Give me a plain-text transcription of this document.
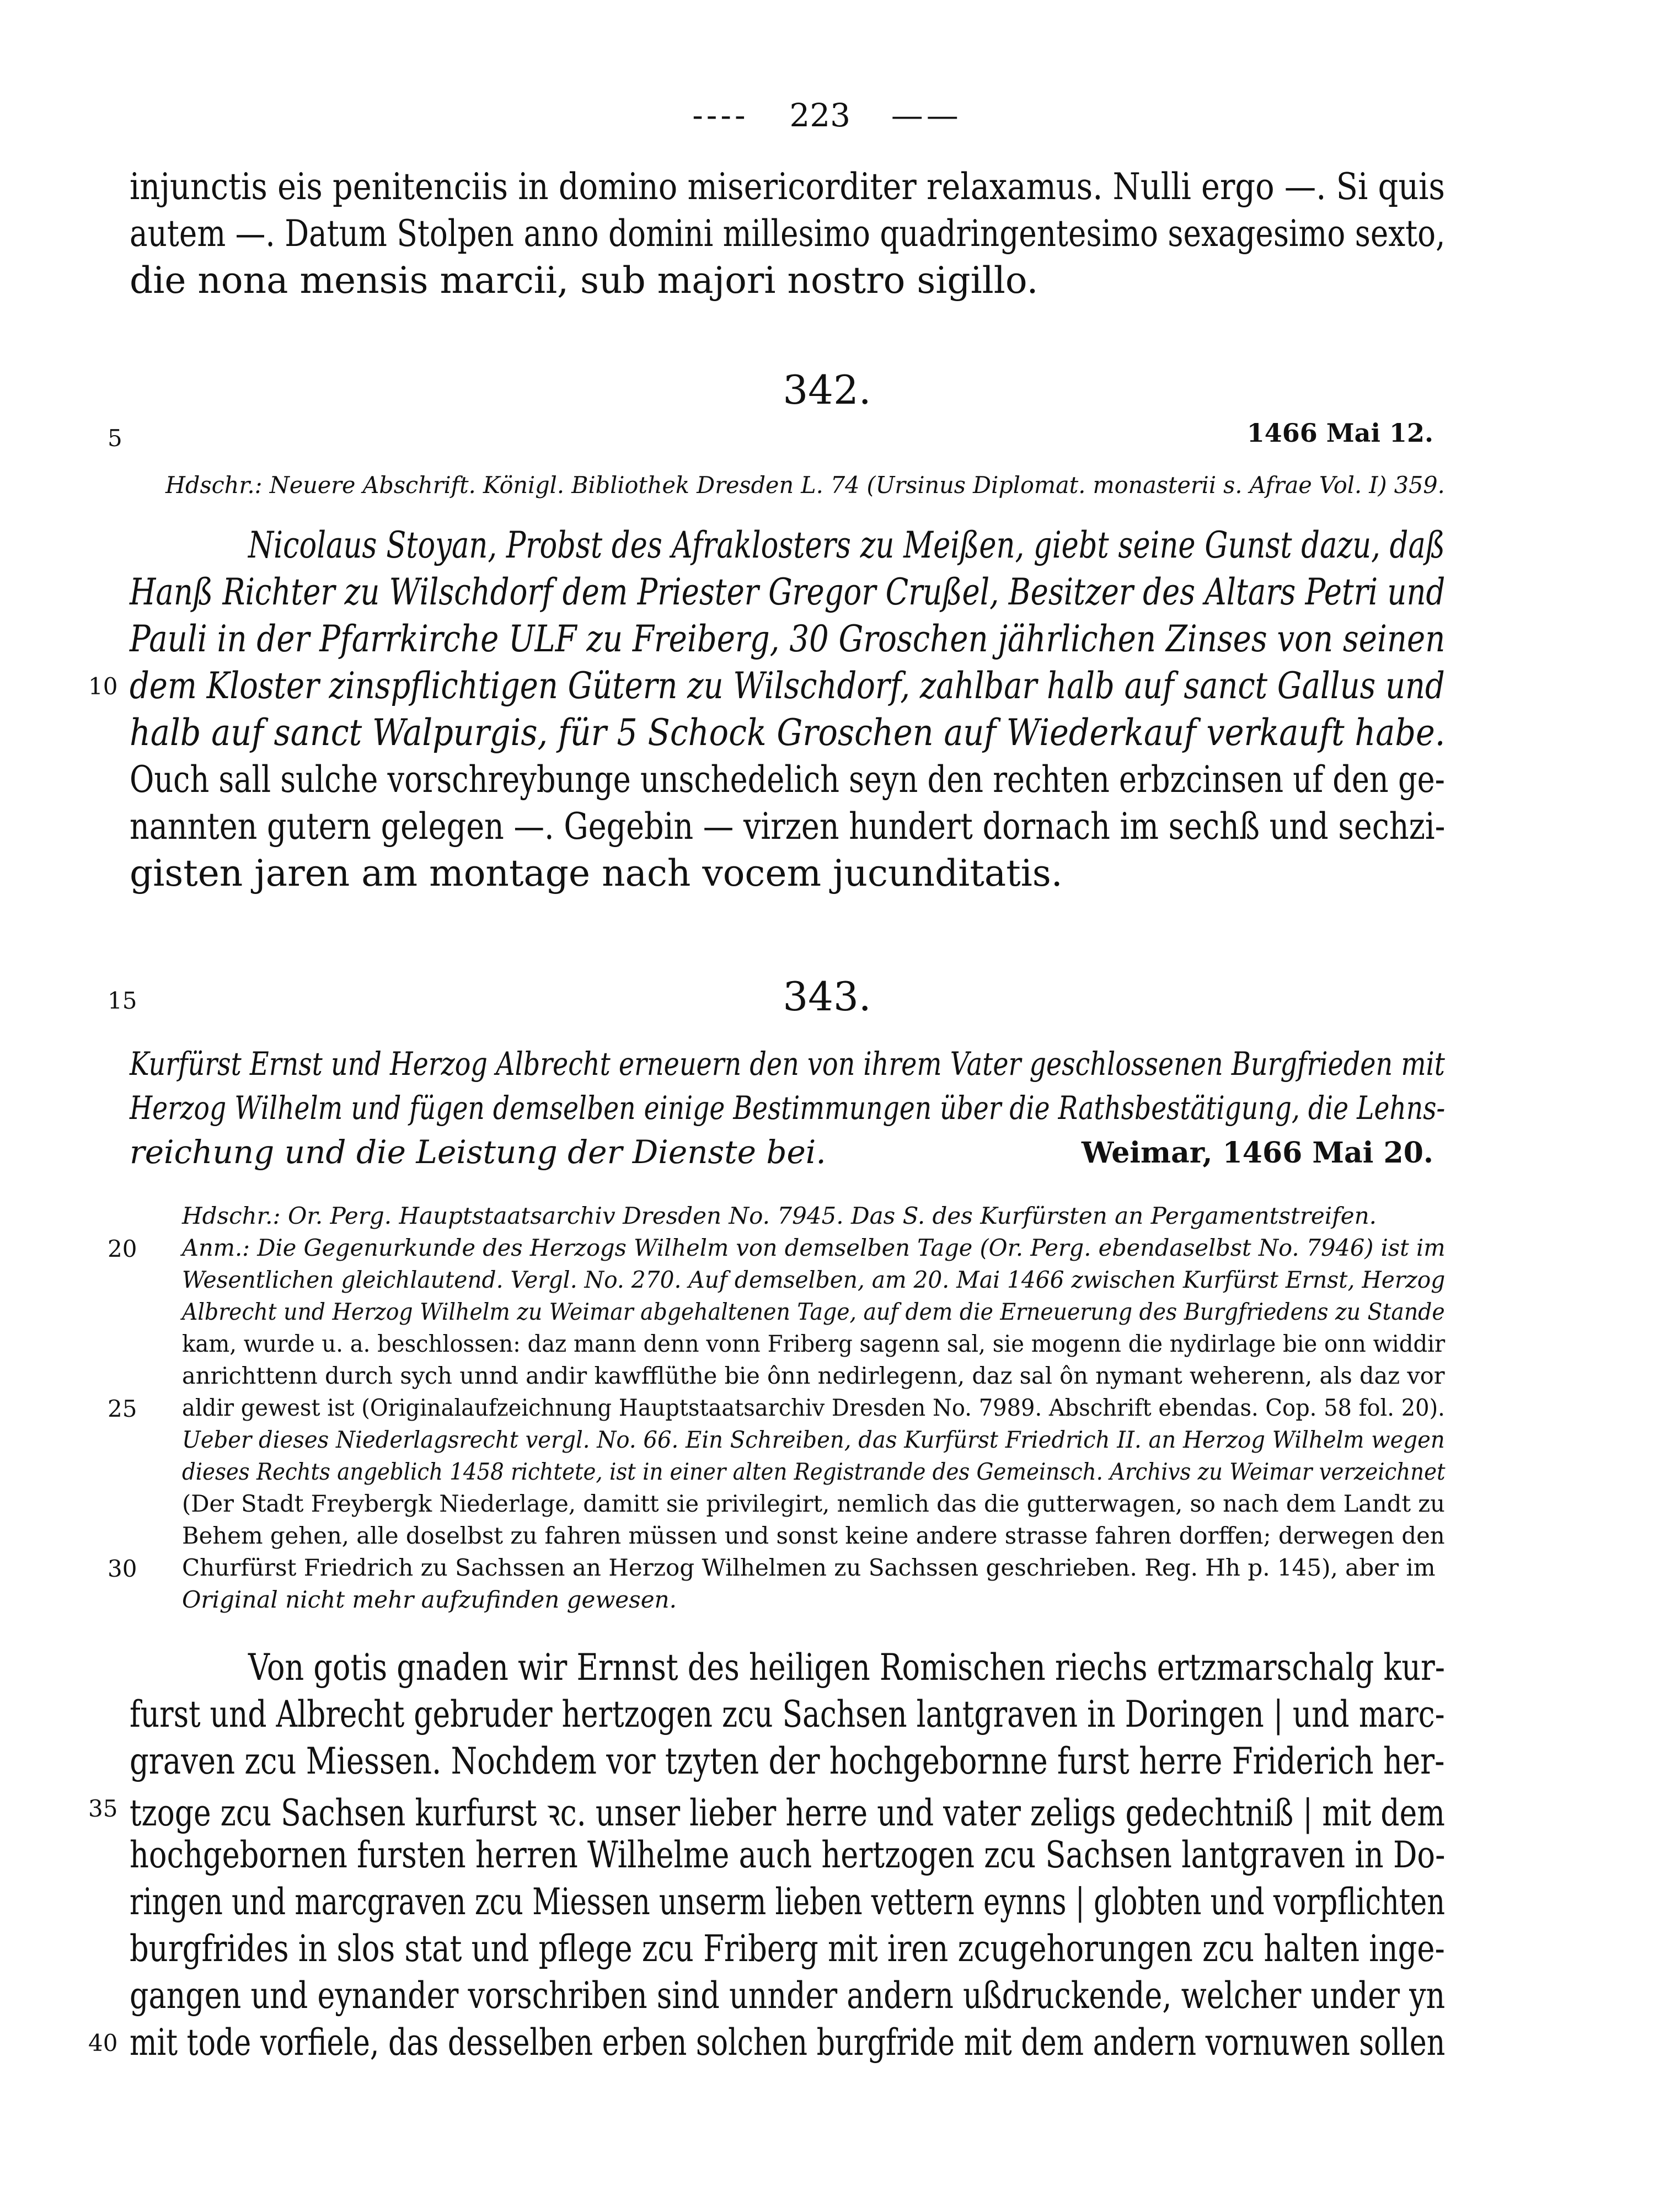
---- 223 ——
injunctis eis penitenciis in domino misericorditer relaxamus. Nulli ergo —. Si quis
autem —. Datum Stolpen anno domini millesimo quadringentesimo sexagesimo sexto,
die nona mensis marcii, sub majori nostro sigillo.
342.
5	1466 Mai 12.
Hdschr.: Neuere Abschrift. Königl. Bibliothek Dresden L. 74 (Ursinus Diplomat. monasterii s. Afrae Vol. I) 359.
Nicolaus Stoyan, Probst des Afraklosters zu Meißen, giebt seine Gunst dazu, daß
Hanß Richter zu Wilschdorf dem Priester Gregor Crußel, Besitzer des Altars Petri und
Pauli in der Pfarrkirche ULF zu Freiberg, 30 Groschen jährlichen Zinses von seinen
10 dem Kloster zinspflichtigen Gütern zu Wilschdorf, zahlbar halb auf sanct Gallus und
halb auf sanct Walpurgis, für 5 Schock Groschen auf Wiederkauf verkauft habe.
Ouch sall sulche vorschreybunge unschedelich seyn den rechten erbzcinsen uf den ge-
nannten gutern gelegen —. Gegebin — virzen hundert dornach im sechß und sechzi-
gisten jaren am montage nach vocem jucunditatis.
15	343.
Kurfürst Ernst und Herzog Albrecht erneuern den von ihrem Vater geschlossenen Burgfrieden mit
Herzog Wilhelm und fügen demselben einige Bestimmungen über die Rathsbestätigung, die Lehns-
reichung und die Leistung der Dienste bei.	Weimar, 1466 Mai 20.
Hdschr.: Or. Perg. Hauptstaatsarchiv Dresden No. 7945. Das S. des Kurfürsten an Pergamentstreifen.
20 Anm.: Die Gegenurkunde des Herzogs Wilhelm von demselben Tage (Or. Perg. ebendaselbst No. 7946) ist im
Wesentlichen gleichlautend. Vergl. No. 270. Auf demselben, am 20. Mai 1466 zwischen Kurfürst Ernst, Herzog
Albrecht und Herzog Wilhelm zu Weimar abgehaltenen Tage, auf dem die Erneuerung des Burgfriedens zu Stande
kam, wurde u. a. beschlossen: daz mann denn vonn Friberg sagenn sal, sie mogenn die nydirlage bie onn widdir
anrichttenn durch sych unnd andir kawfflüthe bie ônn nedirlegenn, daz sal ôn nymant weherenn, als daz vor
25 aldir gewest ist (Originalaufzeichnung Hauptstaatsarchiv Dresden No. 7989. Abschrift ebendas. Cop. 58 fol. 20).
Ueber dieses Niederlagsrecht vergl. No. 66. Ein Schreiben, das Kurfürst Friedrich II. an Herzog Wilhelm wegen
dieses Rechts angeblich 1458 richtete, ist in einer alten Registrande des Gemeinsch. Archivs zu Weimar verzeichnet
(Der Stadt Freybergk Niederlage, damitt sie privilegirt, nemlich das die gutterwagen, so nach dem Landt zu
Behem gehen, alle doselbst zu fahren müssen und sonst keine andere strasse fahren dorffen; derwegen den
30 Churfürst Friedrich zu Sachssen an Herzog Wilhelmen zu Sachssen geschrieben. Reg. Hh p. 145), aber im
Original nicht mehr aufzufinden gewesen.
Von gotis gnaden wir Ernnst des heiligen Romischen riechs ertzmarschalg kur-
furst und Albrecht gebruder hertzogen zcu Sachsen lantgraven in Doringen | und marc-
graven zcu Miessen. Nochdem vor tzyten der hochgebornne furst herre Friderich her-
35 tzoge zcu Sachsen kurfurst ꝛc. unser lieber herre und vater zeligs gedechtniß | mit dem
hochgebornen fursten herren Wilhelme auch hertzogen zcu Sachsen lantgraven in Do-
ringen und marcgraven zcu Miessen unserm lieben vettern eynns | globten und vorpflichten
burgfrides in slos stat und pflege zcu Friberg mit iren zcugehorungen zcu halten inge-
gangen und eynander vorschriben sind unnder andern ußdruckende, welcher under yn
40 mit tode vorfiele, das desselben erben solchen burgfride mit dem andern vornuwen sollen
